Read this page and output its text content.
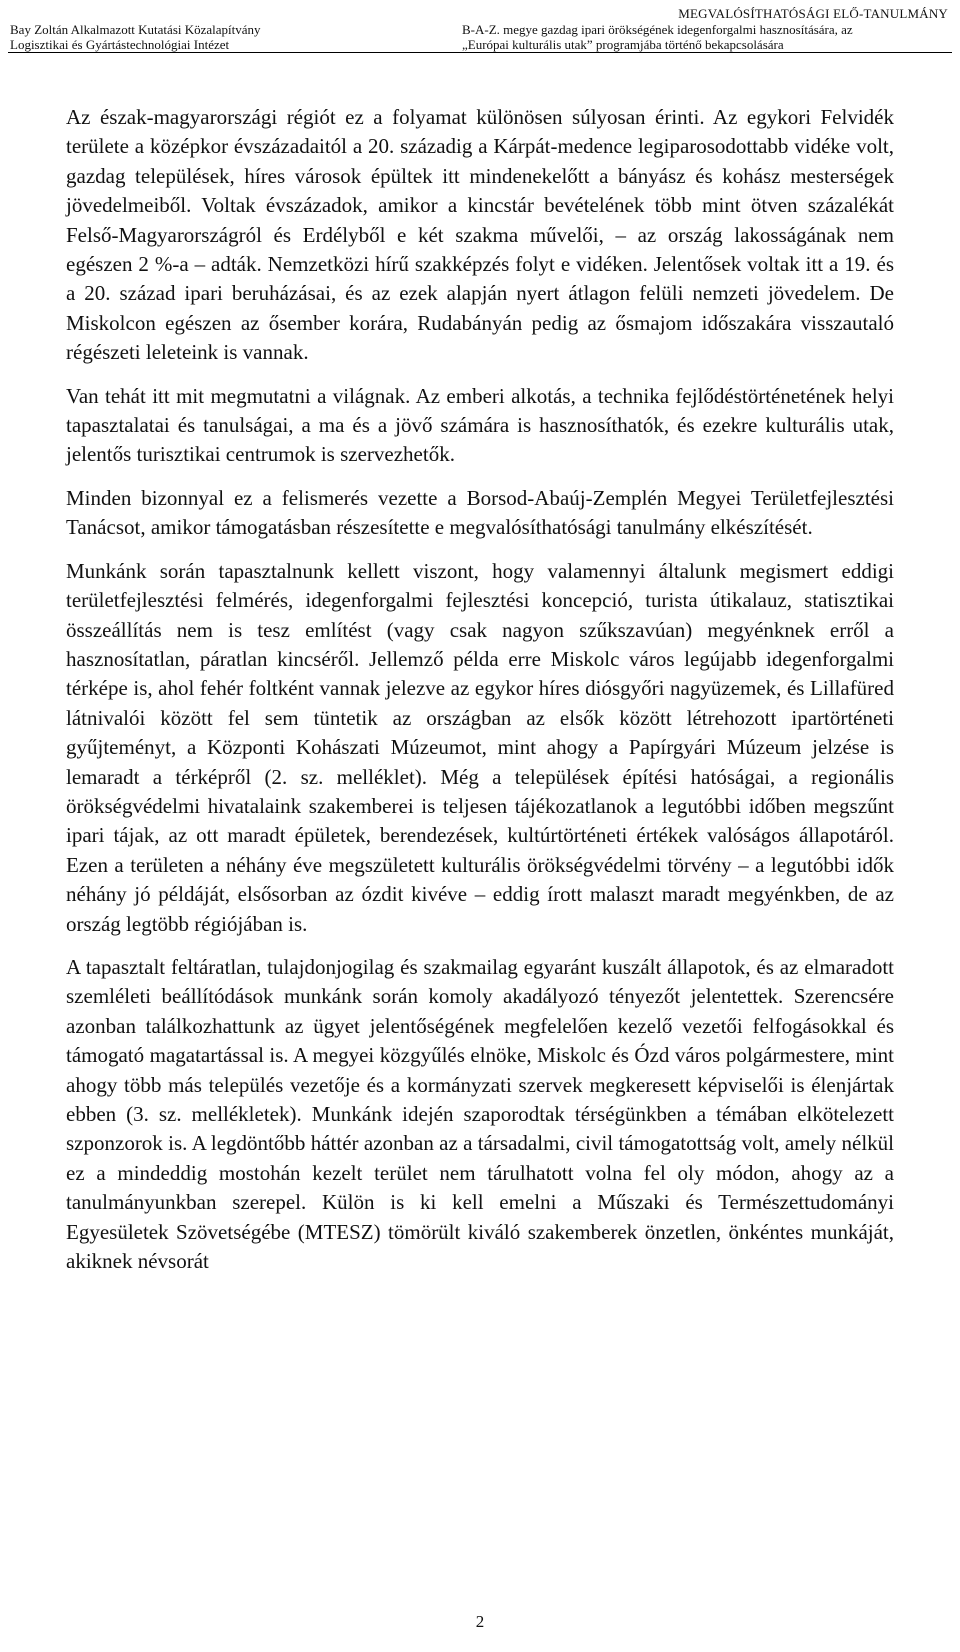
MEGVALÓSÍTHATÓSÁGI ELŐ-TANULMÁNY
Bay Zoltán Alkalmazott Kutatási Közalapítvány
Logisztikai és Gyártástechnológiai Intézet
B-A-Z. megye gazdag ipari örökségének idegenforgalmi hasznosítására, az
„Európai kulturális utak” programjába történő bekapcsolására

Az észak-magyarországi régiót ez a folyamat különösen súlyosan érinti. Az egykori Felvidék területe a középkor évszázadaitól a 20. századig a Kárpát-medence legiparosodottabb vidéke volt, gazdag települések, híres városok épültek itt mindenekelőtt a bányász és kohász mesterségek jövedelmeiből. Voltak évszázadok, amikor a kincstár bevételének több mint ötven százalékát Felső-Magyarországról és Erdélyből e két szakma művelői, – az ország lakosságának nem egészen 2 %-a – adták. Nemzetközi hírű szakképzés folyt e vidéken. Jelentősek voltak itt a 19. és a 20. század ipari beruházásai, és az ezek alapján nyert átlagon felüli nemzeti jövedelem. De Miskolcon egészen az ősember korára, Rudabányán pedig az ősmajom időszakára visszautaló régészeti leleteink is vannak.

Van tehát itt mit megmutatni a világnak. Az emberi alkotás, a technika fejlődéstörténetének helyi tapasztalatai és tanulságai, a ma és a jövő számára is hasznosíthatók, és ezekre kulturális utak, jelentős turisztikai centrumok is szervezhetők.

Minden bizonnyal ez a felismerés vezette a Borsod-Abaúj-Zemplén Megyei Területfejlesztési Tanácsot, amikor támogatásban részesítette e megvalósíthatósági tanulmány elkészítését.

Munkánk során tapasztalnunk kellett viszont, hogy valamennyi általunk megismert eddigi területfejlesztési felmérés, idegenforgalmi fejlesztési koncepció, turista útikalauz, statisztikai összeállítás nem is tesz említést (vagy csak nagyon szűkszavúan) megyénknek erről a hasznosítatlan, páratlan kincséről. Jellemző példa erre Miskolc város legújabb idegenforgalmi térképe is, ahol fehér foltként vannak jelezve az egykor híres diósgyőri nagyüzemek, és Lillafüred látnivalói között fel sem tüntetik az országban az elsők között létrehozott ipartörténeti gyűjteményt, a Központi Kohászati Múzeumot, mint ahogy a Papírgyári Múzeum jelzése is lemaradt a térképről (2. sz. melléklet). Még a települések építési hatóságai, a regionális örökségvédelmi hivatalaink szakemberei is teljesen tájékozatlanok a legutóbbi időben megszűnt ipari tájak, az ott maradt épületek, berendezések, kultúrtörténeti értékek valóságos állapotáról. Ezen a területen a néhány éve megszületett kulturális örökségvédelmi törvény – a legutóbbi idők néhány jó példáját, elsősorban az ózdit kivéve – eddig írott malaszt maradt megyénkben, de az ország legtöbb régiójában is.

A tapasztalt feltáratlan, tulajdonjogilag és szakmailag egyaránt kuszált állapotok, és az elmaradott szemléleti beállítódások munkánk során komoly akadályozó tényezőt jelentettek. Szerencsére azonban találkozhattunk az ügyet jelentőségének megfelelően kezelő vezetői felfogásokkal és támogató magatartással is. A megyei közgyűlés elnöke, Miskolc és Ózd város polgármestere, mint ahogy több más település vezetője és a kormányzati szervek megkeresett képviselői is élenjártak ebben (3. sz. mellékletek). Munkánk idején szaporodtak térségünkben a témában elkötelezett szponzorok is. A legdöntőbb háttér azonban az a társadalmi, civil támogatottság volt, amely nélkül ez a mindeddig mostohán kezelt terület nem tárulhatott volna fel oly módon, ahogy az a tanulmányunkban szerepel. Külön is ki kell emelni a Műszaki és Természettudományi Egyesületek Szövetségébe (MTESZ) tömörült kiváló szakemberek önzetlen, önkéntes munkáját, akiknek névsorát

2
